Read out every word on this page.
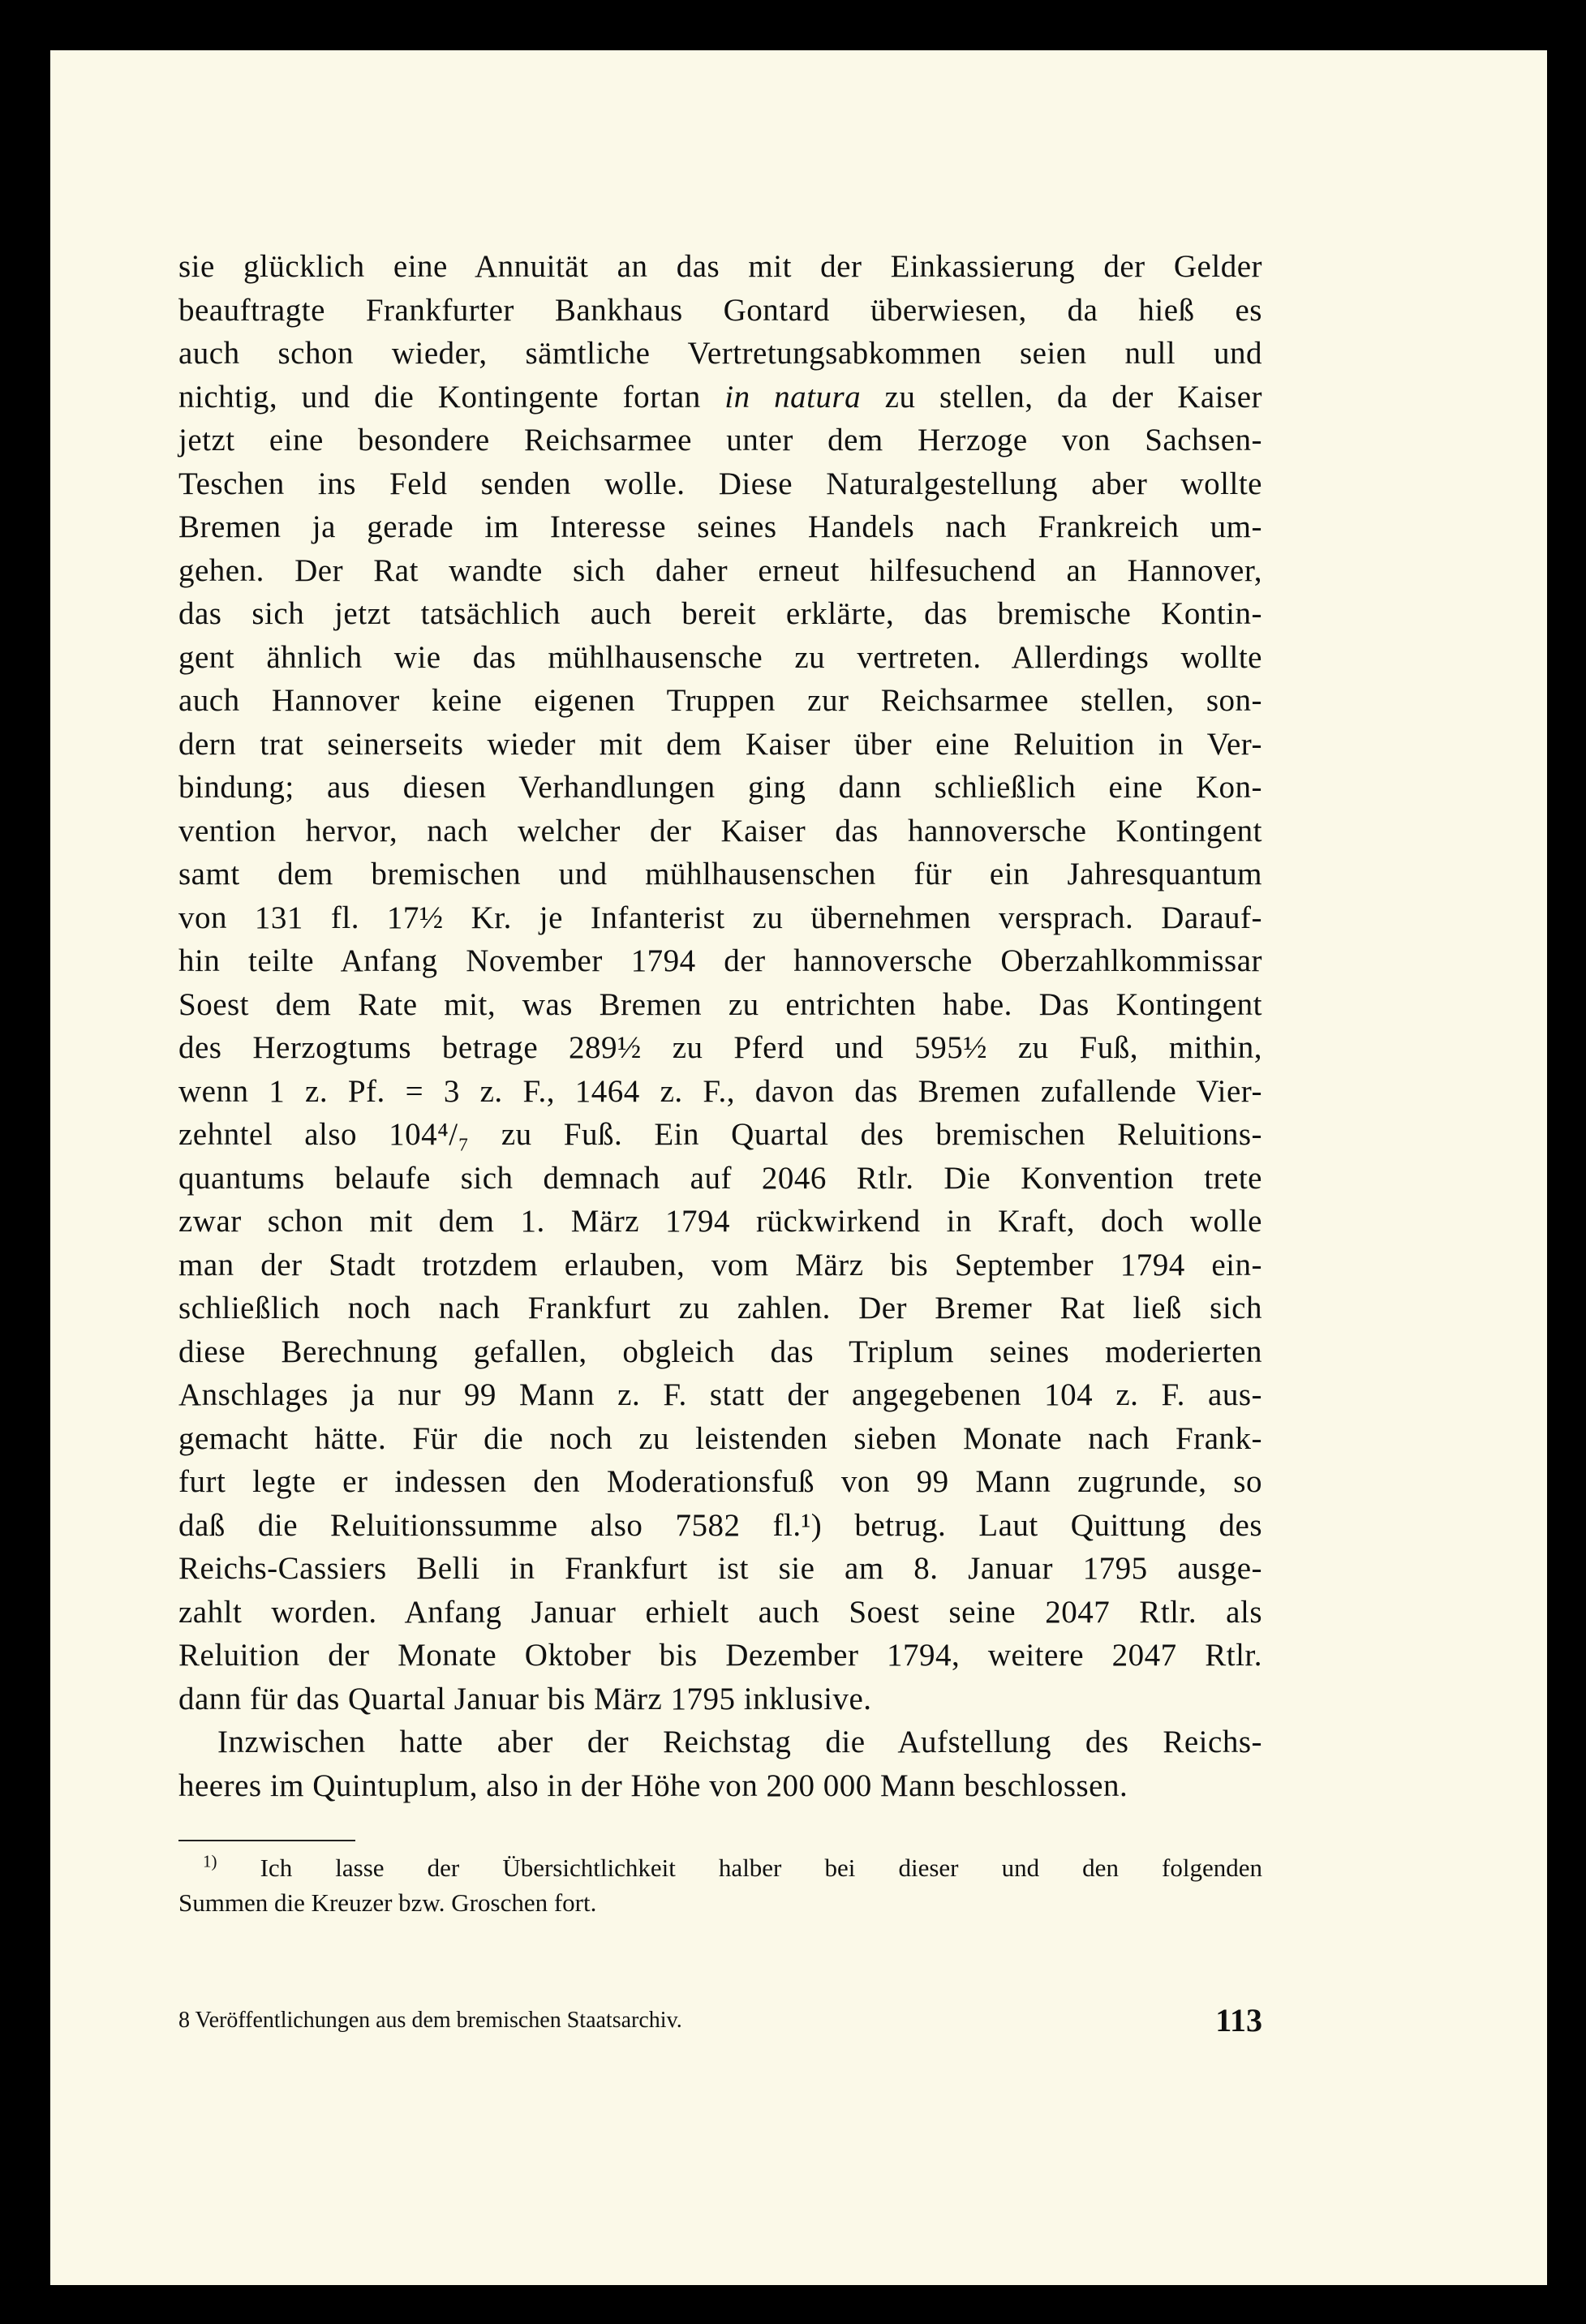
sie glücklich eine Annuität an das mit der Einkassierung der Gelder
beauftragte Frankfurter Bankhaus Gontard überwiesen, da hieß es
auch schon wieder, sämtliche Vertretungsabkommen seien null und
nichtig, und die Kontingente fortan in natura zu stellen, da der Kaiser
jetzt eine besondere Reichsarmee unter dem Herzoge von Sachsen-
Teschen ins Feld senden wolle. Diese Naturalgestellung aber wollte
Bremen ja gerade im Interesse seines Handels nach Frankreich um-
gehen. Der Rat wandte sich daher erneut hilfesuchend an Hannover,
das sich jetzt tatsächlich auch bereit erklärte, das bremische Kontin-
gent ähnlich wie das mühlhausensche zu vertreten. Allerdings wollte
auch Hannover keine eigenen Truppen zur Reichsarmee stellen, son-
dern trat seinerseits wieder mit dem Kaiser über eine Reluition in Ver-
bindung; aus diesen Verhandlungen ging dann schließlich eine Kon-
vention hervor, nach welcher der Kaiser das hannoversche Kontingent
samt dem bremischen und mühlhausenschen für ein Jahresquantum
von 131 fl. 17½ Kr. je Infanterist zu übernehmen versprach. Darauf-
hin teilte Anfang November 1794 der hannoversche Oberzahlkommissar
Soest dem Rate mit, was Bremen zu entrichten habe. Das Kontingent
des Herzogtums betrage 289½ zu Pferd und 595½ zu Fuß, mithin,
wenn 1 z. Pf. = 3 z. F., 1464 z. F., davon das Bremen zufallende Vier-
zehntel also 104⁴/₇ zu Fuß. Ein Quartal des bremischen Reluitions-
quantums belaufe sich demnach auf 2046 Rtlr. Die Konvention trete
zwar schon mit dem 1. März 1794 rückwirkend in Kraft, doch wolle
man der Stadt trotzdem erlauben, vom März bis September 1794 ein-
schließlich noch nach Frankfurt zu zahlen. Der Bremer Rat ließ sich
diese Berechnung gefallen, obgleich das Triplum seines moderierten
Anschlages ja nur 99 Mann z. F. statt der angegebenen 104 z. F. aus-
gemacht hätte. Für die noch zu leistenden sieben Monate nach Frank-
furt legte er indessen den Moderationsfuß von 99 Mann zugrunde, so
daß die Reluitionssumme also 7582 fl.¹) betrug. Laut Quittung des
Reichs-Cassiers Belli in Frankfurt ist sie am 8. Januar 1795 ausge-
zahlt worden. Anfang Januar erhielt auch Soest seine 2047 Rtlr. als
Reluition der Monate Oktober bis Dezember 1794, weitere 2047 Rtlr.
dann für das Quartal Januar bis März 1795 inklusive.
Inzwischen hatte aber der Reichstag die Aufstellung des Reichs-
heeres im Quintuplum, also in der Höhe von 200 000 Mann beschlossen.
$^{1)}$ Ich lasse der Übersichtlichkeit halber bei dieser und den folgenden
Summen die Kreuzer bzw. Groschen fort.
8 Veröffentlichungen aus dem bremischen Staatsarchiv.	113
